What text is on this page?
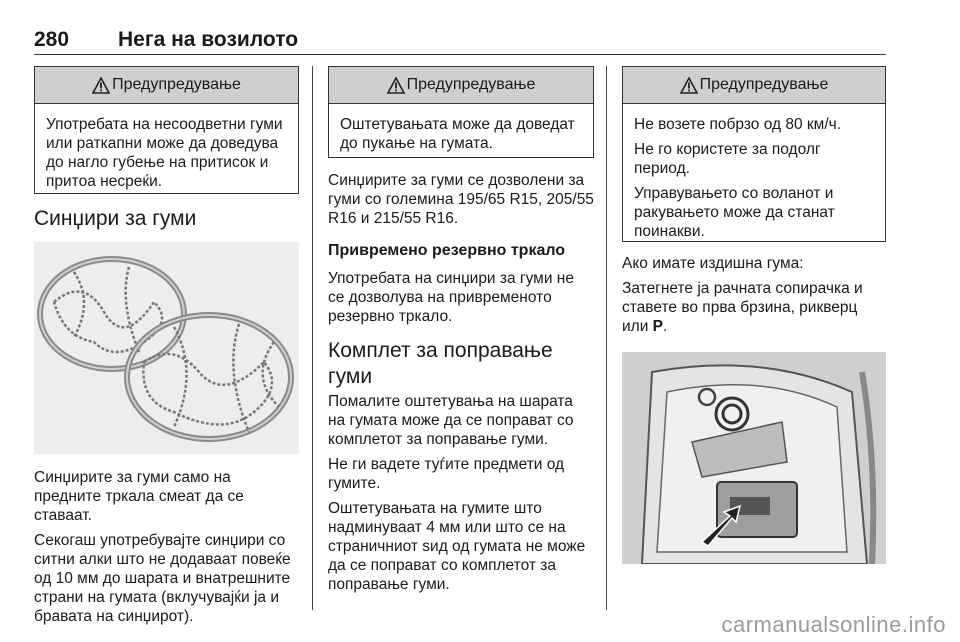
280 Нега на возилото
Предупредување

Употребата на несоодветни гуми или раткапни може да доведува до нагло губење на притисок и притоа несреќи.

Синџири за гуми

Синџирите за гуми само на предните тркала смеат да се ставаат.

Секогаш употребувајте синџири со ситни алки што не додаваат повеќе од 10 мм до шарата и внатрешните страни на гумата (вклучувајќи ја и бравата на синџирот).

Предупредување

Оштетувањата може да доведат до пукање на гумата.

Синџирите за гуми се дозволени за гуми со големина 195/65 R15, 205/55 R16 и 215/55 R16.

Привремено резервно тркало

Употребата на синџири за гуми не се дозволува на привременото резервно тркало.

Комплет за поправање гуми

Помалите оштетувања на шарата на гумата може да се поправат со комплетот за поправање гуми.

Не ги вадете туѓите предмети од гумите.

Оштетувањата на гумите што надминуваат 4 мм или што се на страничниот ѕид од гумата не може да се поправат со комплетот за поправање гуми.

Предупредување

Не возете побрзо од 80 км/ч.

Не го користете за подолг период.

Управувањето со воланот и ракувањето може да станат поинакви.

Ако имате издишна гума:

Затегнете ја рачната сопирачка и ставете во прва брзина, рикверц или P.

carmanualsonline.info
